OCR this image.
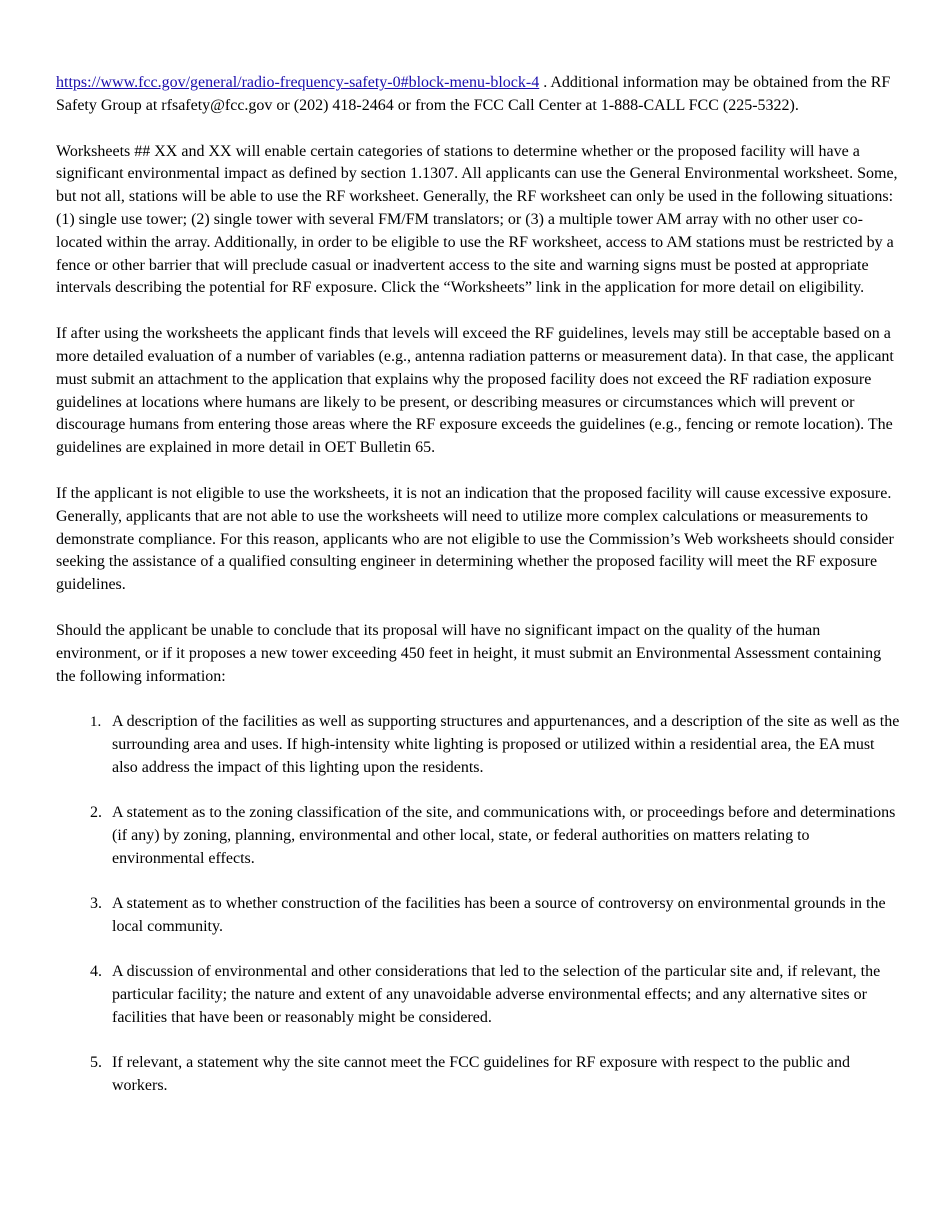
https://www.fcc.gov/general/radio-frequency-safety-0#block-menu-block-4 . Additional information may be obtained from the RF Safety Group at rfsafety@fcc.gov or (202) 418-2464 or from the FCC Call Center at 1-888-CALL FCC (225-5322).

Worksheets ## XX and XX will enable certain categories of stations to determine whether or the proposed facility will have a significant environmental impact as defined by section 1.1307. All applicants can use the General Environmental worksheet. Some, but not all, stations will be able to use the RF worksheet. Generally, the RF worksheet can only be used in the following situations: (1) single use tower; (2) single tower with several FM/FM translators; or (3) a multiple tower AM array with no other user co-located within the array. Additionally, in order to be eligible to use the RF worksheet, access to AM stations must be restricted by a fence or other barrier that will preclude casual or inadvertent access to the site and warning signs must be posted at appropriate intervals describing the potential for RF exposure. Click the “Worksheets” link in the application for more detail on eligibility.

If after using the worksheets the applicant finds that levels will exceed the RF guidelines, levels may still be acceptable based on a more detailed evaluation of a number of variables (e.g., antenna radiation patterns or measurement data). In that case, the applicant must submit an attachment to the application that explains why the proposed facility does not exceed the RF radiation exposure guidelines at locations where humans are likely to be present, or describing measures or circumstances which will prevent or discourage humans from entering those areas where the RF exposure exceeds the guidelines (e.g., fencing or remote location). The guidelines are explained in more detail in OET Bulletin 65.

If the applicant is not eligible to use the worksheets, it is not an indication that the proposed facility will cause excessive exposure. Generally, applicants that are not able to use the worksheets will need to utilize more complex calculations or measurements to demonstrate compliance. For this reason, applicants who are not eligible to use the Commission’s Web worksheets should consider seeking the assistance of a qualified consulting engineer in determining whether the proposed facility will meet the RF exposure guidelines.

Should the applicant be unable to conclude that its proposal will have no significant impact on the quality of the human environment, or if it proposes a new tower exceeding 450 feet in height, it must submit an Environmental Assessment containing the following information:

1. A description of the facilities as well as supporting structures and appurtenances, and a description of the site as well as the surrounding area and uses. If high-intensity white lighting is proposed or utilized within a residential area, the EA must also address the impact of this lighting upon the residents.
2. A statement as to the zoning classification of the site, and communications with, or proceedings before and determinations (if any) by zoning, planning, environmental and other local, state, or federal authorities on matters relating to environmental effects.
3. A statement as to whether construction of the facilities has been a source of controversy on environmental grounds in the local community.
4. A discussion of environmental and other considerations that led to the selection of the particular site and, if relevant, the particular facility; the nature and extent of any unavoidable adverse environmental effects; and any alternative sites or facilities that have been or reasonably might be considered.
5. If relevant, a statement why the site cannot meet the FCC guidelines for RF exposure with respect to the public and workers.
